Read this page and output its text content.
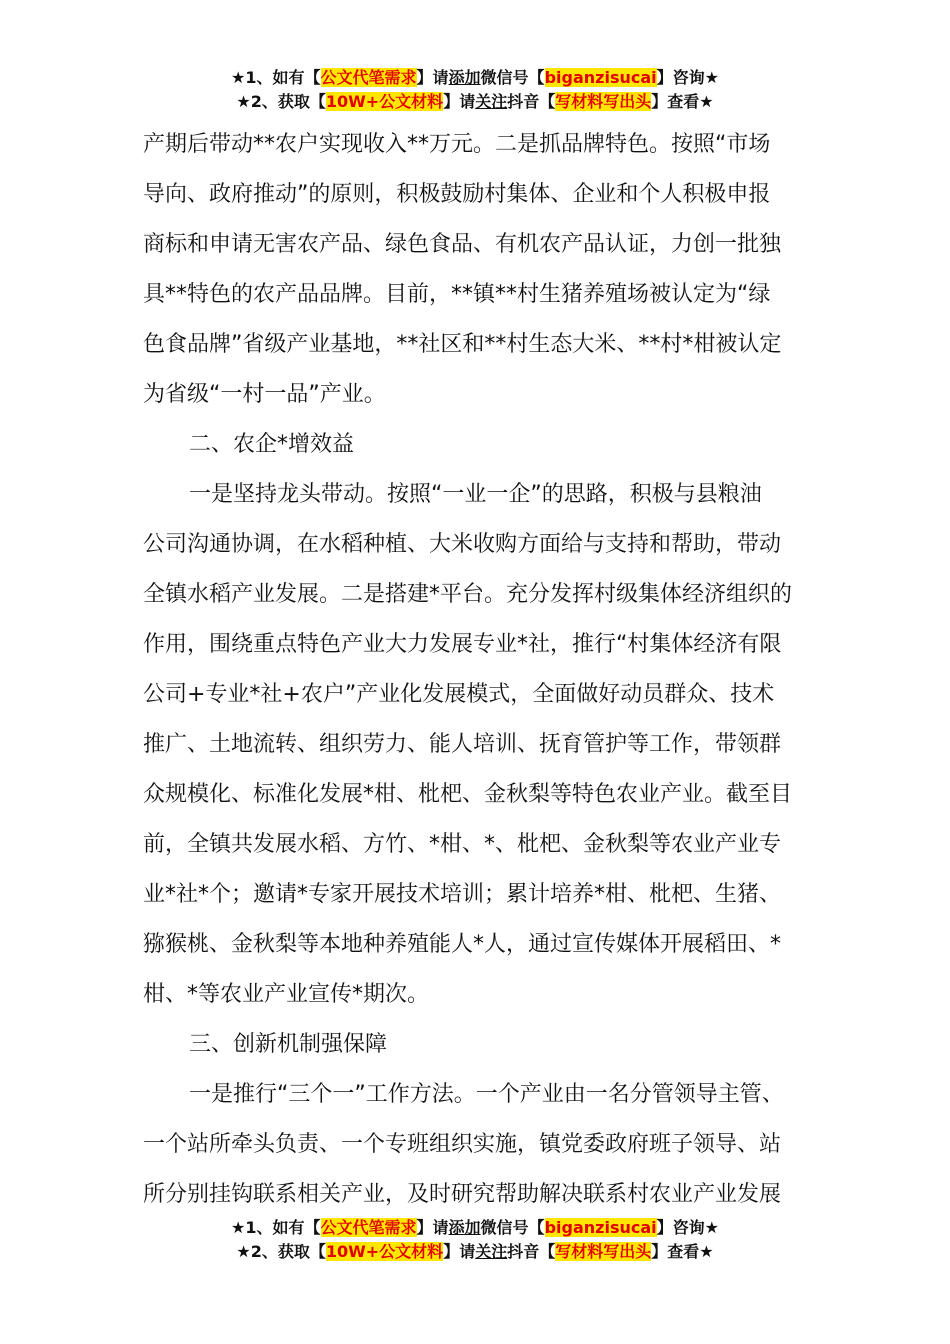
★1、如有【公文代笔需求】请添加微信号【biganzisucai】咨询★
★2、获取【10W+公文材料】请关注抖音【写材料写出头】查看★
产期后带动**农户实现收入**万元。二是抓品牌特色。按照“市场
导向、政府推动”的原则，积极鼓励村集体、企业和个人积极申报
商标和申请无害农产品、绿色食品、有机农产品认证，力创一批独
具**特色的农产品品牌。目前，**镇**村生猪养殖场被认定为“绿
色食品牌”省级产业基地，**社区和**村生态大米、**村*柑被认定
为省级“一村一品”产业。
二、农企*增效益
一是坚持龙头带动。按照“一业一企”的思路，积极与县粮油
公司沟通协调，在水稻种植、大米收购方面给与支持和帮助，带动
全镇水稻产业发展。二是搭建*平台。充分发挥村级集体经济组织的
作用，围绕重点特色产业大力发展专业*社，推行“村集体经济有限
公司+专业*社+农户”产业化发展模式，全面做好动员群众、技术
推广、土地流转、组织劳力、能人培训、抚育管护等工作，带领群
众规模化、标准化发展*柑、枇杷、金秋梨等特色农业产业。截至目
前，全镇共发展水稻、方竹、*柑、*、枇杷、金秋梨等农业产业专
业*社*个；邀请*专家开展技术培训；累计培养*柑、枇杷、生猪、
猕猴桃、金秋梨等本地种养殖能人*人，通过宣传媒体开展稻田、*
柑、*等农业产业宣传*期次。
三、创新机制强保障
一是推行“三个一”工作方法。一个产业由一名分管领导主管、
一个站所牵头负责、一个专班组织实施，镇党委政府班子领导、站
所分别挂钩联系相关产业，及时研究帮助解决联系村农业产业发展
★1、如有【公文代笔需求】请添加微信号【biganzisucai】咨询★
★2、获取【10W+公文材料】请关注抖音【写材料写出头】查看★
